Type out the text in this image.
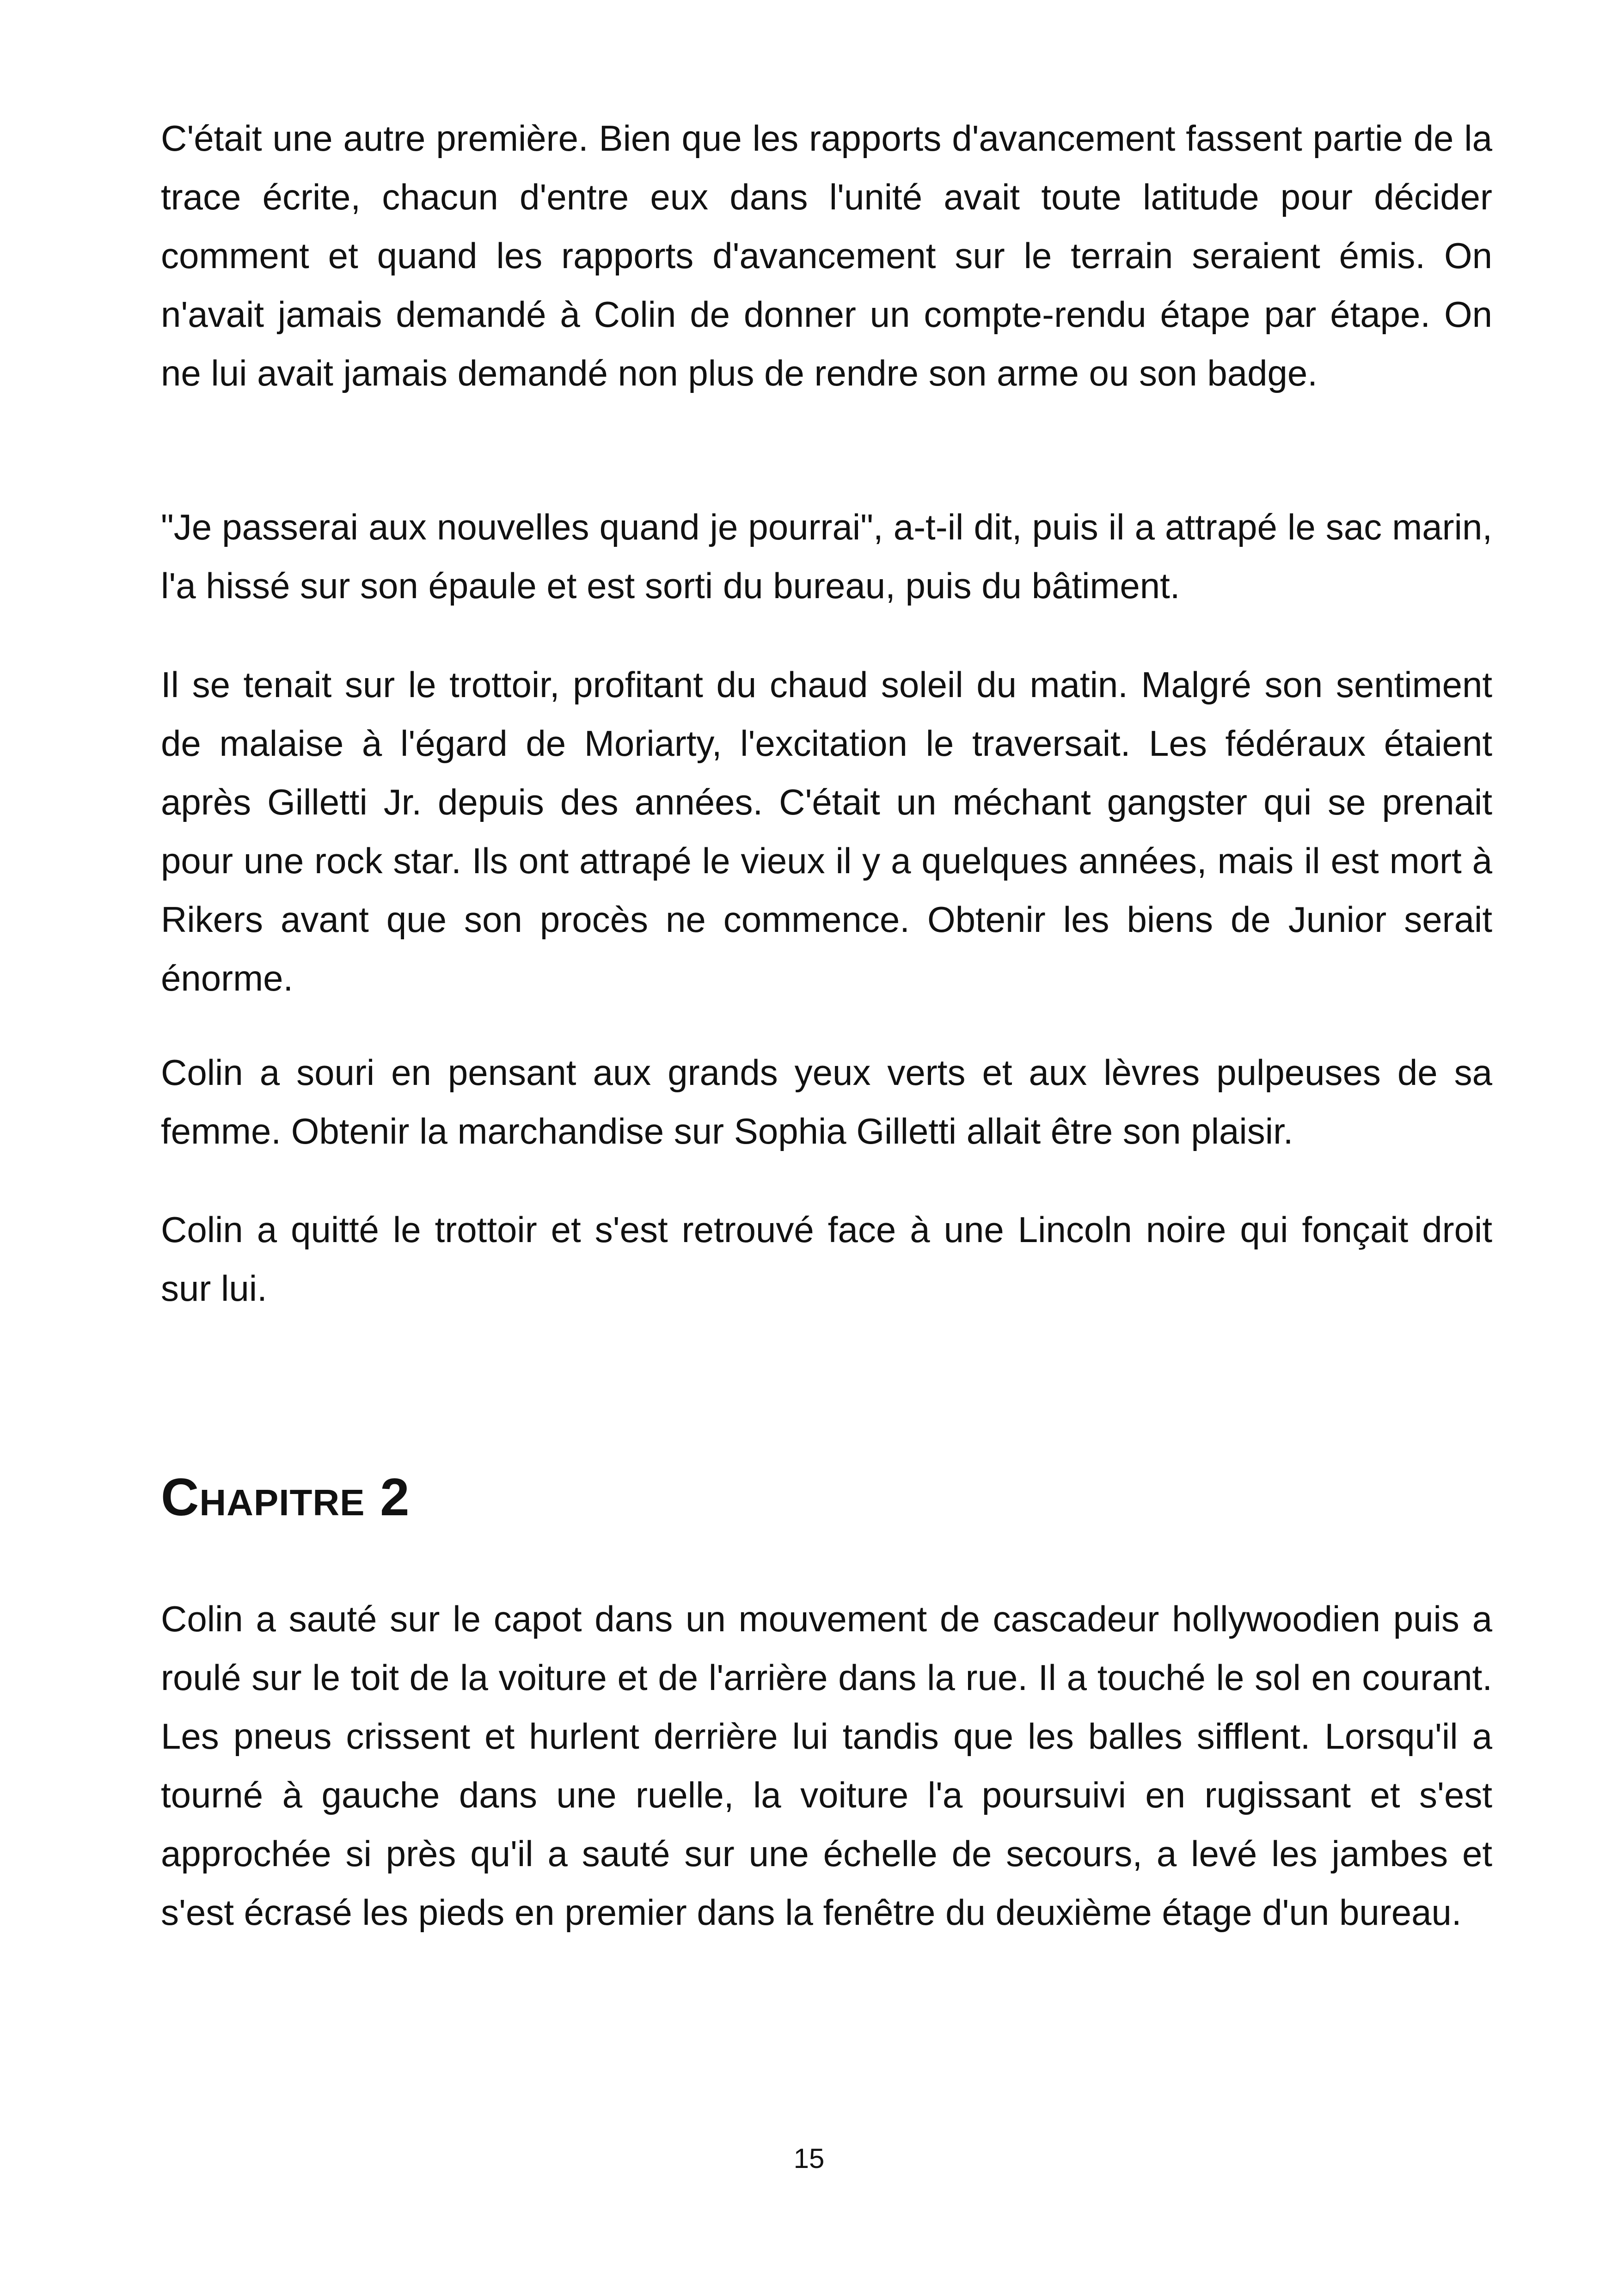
C'était une autre première. Bien que les rapports d'avancement fassent partie de la trace écrite, chacun d'entre eux dans l'unité avait toute latitude pour décider comment et quand les rapports d'avancement sur le terrain seraient émis. On n'avait jamais demandé à Colin de donner un compte-rendu étape par étape. On ne lui avait jamais demandé non plus de rendre son arme ou son badge.

"Je passerai aux nouvelles quand je pourrai", a-t-il dit, puis il a attrapé le sac marin, l'a hissé sur son épaule et est sorti du bureau, puis du bâtiment.

Il se tenait sur le trottoir, profitant du chaud soleil du matin. Malgré son sentiment de malaise à l'égard de Moriarty, l'excitation le traversait. Les fédéraux étaient après Gilletti Jr. depuis des années. C'était un méchant gangster qui se prenait pour une rock star. Ils ont attrapé le vieux il y a quelques années, mais il est mort à Rikers avant que son procès ne commence. Obtenir les biens de Junior serait énorme.

Colin a souri en pensant aux grands yeux verts et aux lèvres pulpeuses de sa femme. Obtenir la marchandise sur Sophia Gilletti allait être son plaisir.

Colin a quitté le trottoir et s'est retrouvé face à une Lincoln noire qui fonçait droit sur lui.

Chapitre 2

Colin a sauté sur le capot dans un mouvement de cascadeur hollywoodien puis a roulé sur le toit de la voiture et de l'arrière dans la rue. Il a touché le sol en courant. Les pneus crissent et hurlent derrière lui tandis que les balles sifflent. Lorsqu'il a tourné à gauche dans une ruelle, la voiture l'a poursuivi en rugissant et s'est approchée si près qu'il a sauté sur une échelle de secours, a levé les jambes et s'est écrasé les pieds en premier dans la fenêtre du deuxième étage d'un bureau.

15
